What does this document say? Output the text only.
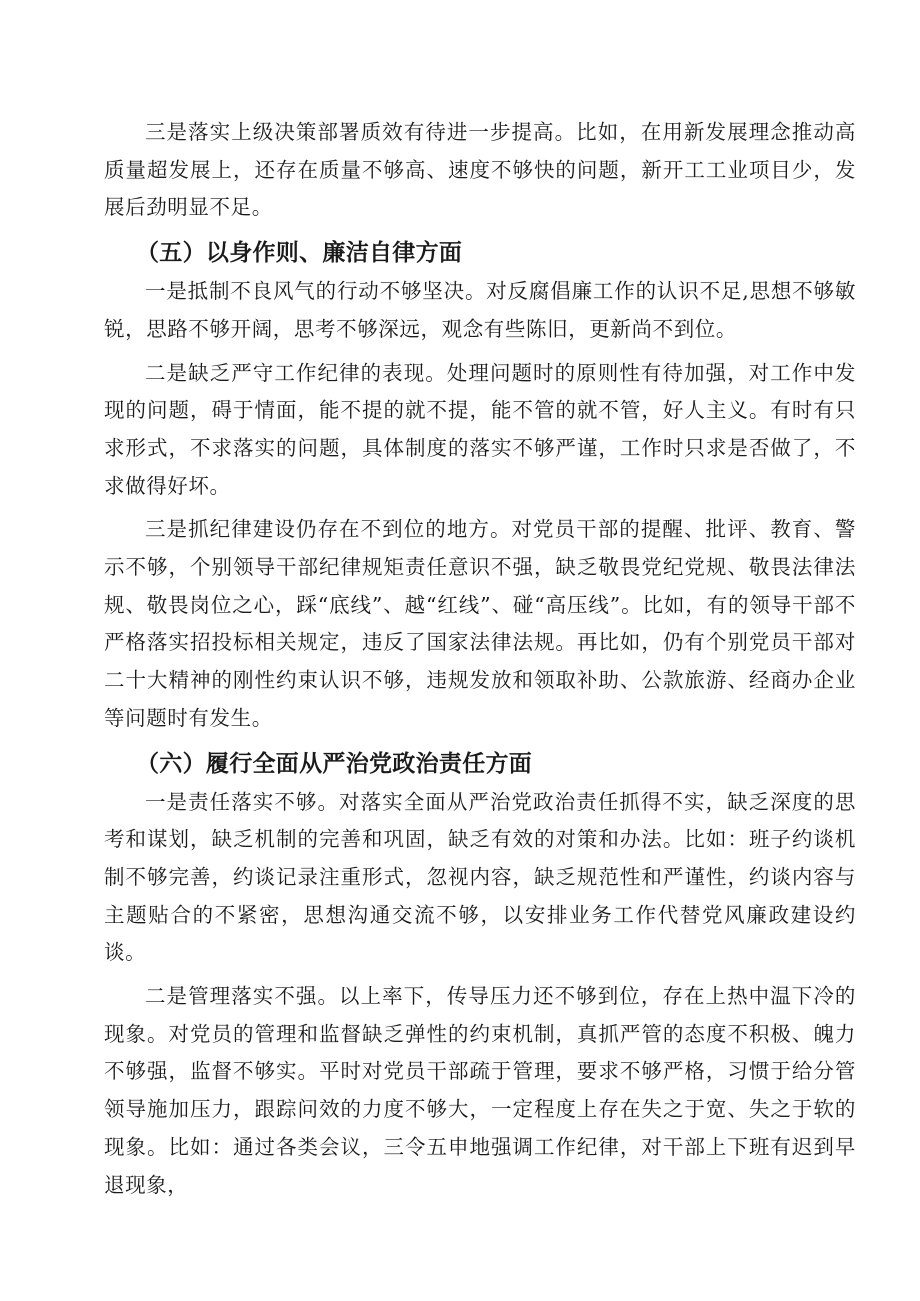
三是落实上级决策部署质效有待进一步提高。比如，在用新发展理念推动高质量超发展上，还存在质量不够高、速度不够快的问题，新开工工业项目少，发展后劲明显不足。

（五）以身作则、廉洁自律方面

一是抵制不良风气的行动不够坚决。对反腐倡廉工作的认识不足,思想不够敏锐，思路不够开阔，思考不够深远，观念有些陈旧，更新尚不到位。

二是缺乏严守工作纪律的表现。处理问题时的原则性有待加强，对工作中发现的问题，碍于情面，能不提的就不提，能不管的就不管，好人主义。有时有只求形式，不求落实的问题，具体制度的落实不够严谨，工作时只求是否做了，不求做得好坏。

三是抓纪律建设仍存在不到位的地方。对党员干部的提醒、批评、教育、警示不够，个别领导干部纪律规矩责任意识不强，缺乏敬畏党纪党规、敬畏法律法规、敬畏岗位之心，踩“底线”、越“红线”、碰“高压线”。比如，有的领导干部不严格落实招投标相关规定，违反了国家法律法规。再比如，仍有个别党员干部对二十大精神的刚性约束认识不够，违规发放和领取补助、公款旅游、经商办企业等问题时有发生。

（六）履行全面从严治党政治责任方面

一是责任落实不够。对落实全面从严治党政治责任抓得不实，缺乏深度的思考和谋划，缺乏机制的完善和巩固，缺乏有效的对策和办法。比如：班子约谈机制不够完善，约谈记录注重形式，忽视内容，缺乏规范性和严谨性，约谈内容与主题贴合的不紧密，思想沟通交流不够，以安排业务工作代替党风廉政建设约谈。

二是管理落实不强。以上率下，传导压力还不够到位，存在上热中温下冷的现象。对党员的管理和监督缺乏弹性的约束机制，真抓严管的态度不积极、魄力不够强，监督不够实。平时对党员干部疏于管理，要求不够严格，习惯于给分管领导施加压力，跟踪问效的力度不够大，一定程度上存在失之于宽、失之于软的现象。比如：通过各类会议，三令五申地强调工作纪律，对干部上下班有迟到早退现象，
